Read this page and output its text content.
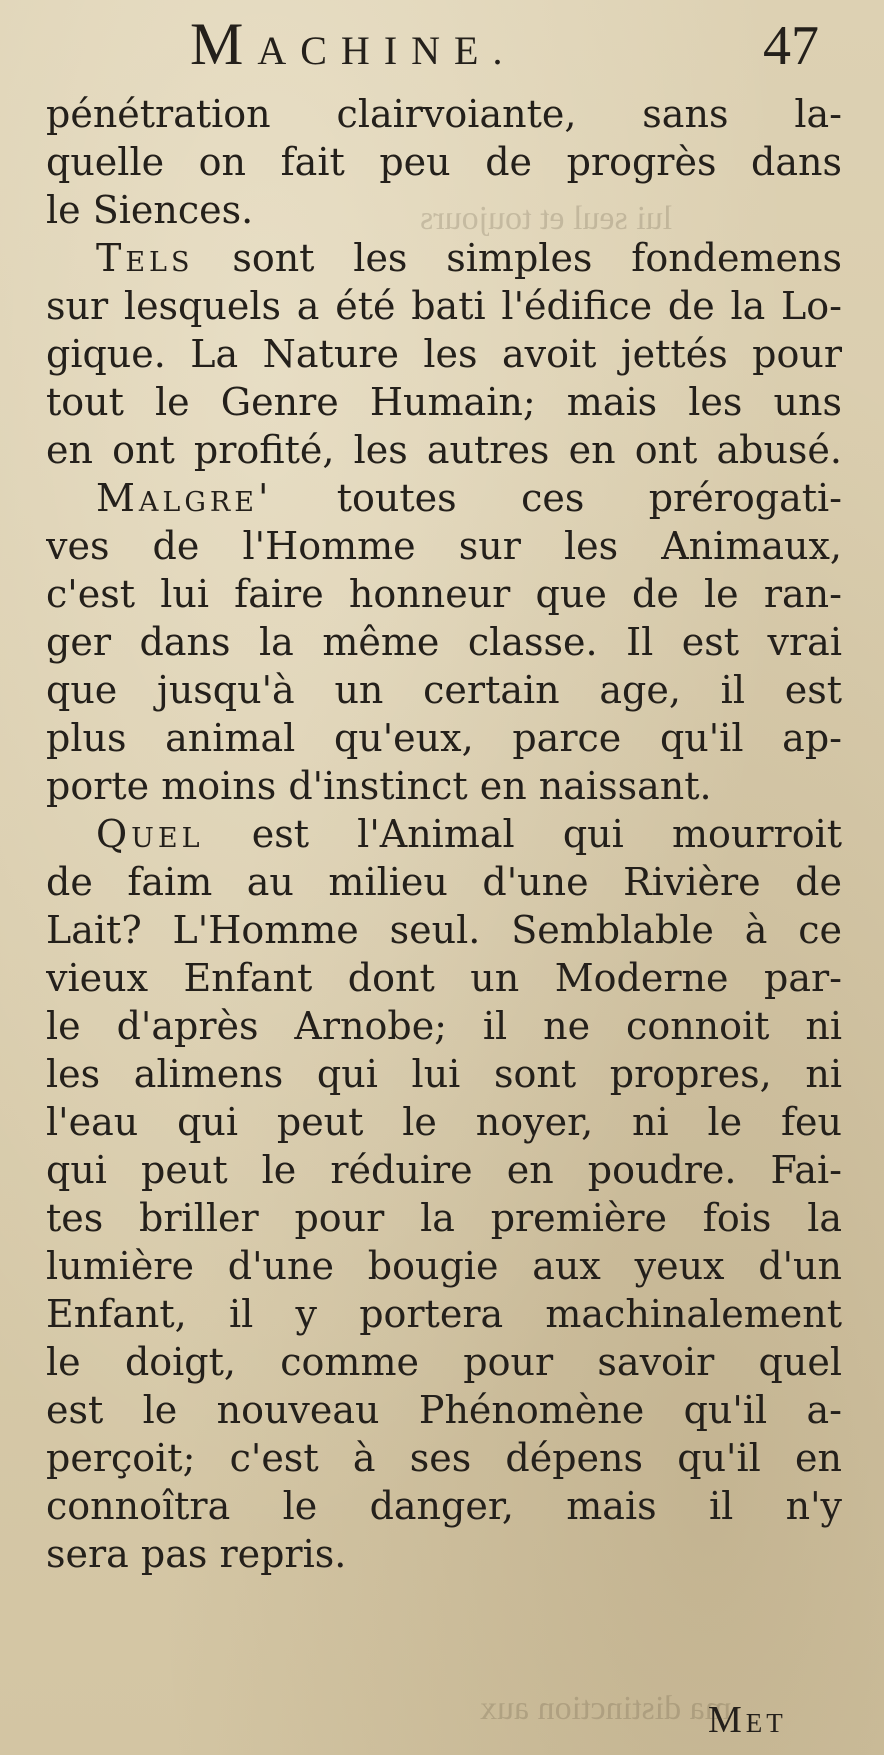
lui seul et toujours
ma distinction aux
MACHINE.	47
pénétration clairvoiante, sans la-
quelle on fait peu de progrès dans
le Siences.
Tels sont les simples fondemens
sur lesquels a été bati l'édifice de la Lo-
gique. La Nature les avoit jettés pour
tout le Genre Humain; mais les uns
en ont profité, les autres en ont abusé.
Malgre' toutes ces prérogati-
ves de l'Homme sur les Animaux,
c'est lui faire honneur que de le ran-
ger dans la même classe. Il est vrai
que jusqu'à un certain age, il est
plus animal qu'eux, parce qu'il ap-
porte moins d'instinct en naissant.
Quel est l'Animal qui mourroit
de faim au milieu d'une Rivière de
Lait? L'Homme seul. Semblable à ce
vieux Enfant dont un Moderne par-
le d'après Arnobe; il ne connoit ni
les alimens qui lui sont propres, ni
l'eau qui peut le noyer, ni le feu
qui peut le réduire en poudre. Fai-
tes briller pour la première fois la
lumière d'une bougie aux yeux d'un
Enfant, il y portera machinalement
le doigt, comme pour savoir quel
est le nouveau Phénomène qu'il a-
perçoit; c'est à ses dépens qu'il en
connoîtra le danger, mais il n'y
sera pas repris.
Met
